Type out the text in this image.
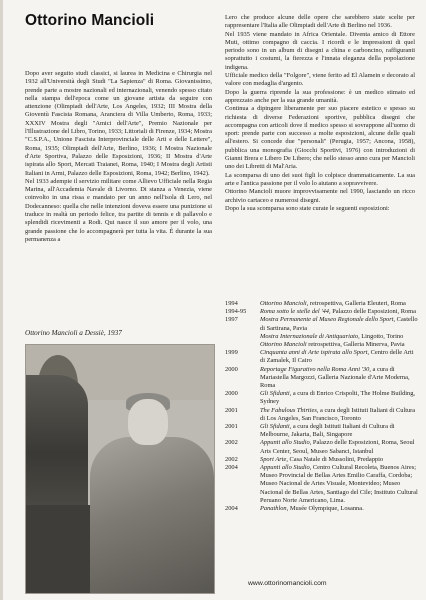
Ottorino Mancioli

Dopo aver seguito studi classici, si laurea in Medicina e Chirurgia nel 1932 all'Università degli Studi "La Sapienza" di Roma. Giovanissimo, prende parte a mostre nazionali ed internazionali, venendo spesso citato nella stampa dell'epoca come un giovane artista da seguire con attenzione (Olimpiadi dell'Arte, Los Angeles, 1932; III Mostra della Gioventù Fascista Romana, Aranciera di Villa Umberto, Roma, 1933; XXXIV Mostra degli "Amici dell'Arte", Premio Nazionale per l'Illustrazione del Libro, Torino, 1933; Littoriali di Firenze, 1934; Mostra "C.S.P.A., Unione Fascista Interprovinciale delle Arti e delle Lettere", Roma, 1935; Olimpiadi dell'Arte, Berlino, 1936; I Mostra Nazionale d'Arte Sportiva, Palazzo delle Esposizioni, 1936; II Mostra d'Arte ispirata allo Sport, Mercati Traianei, Roma, 1940; I Mostra degli Artisti Italiani in Armi, Palazzo delle Esposizioni, Roma, 1942; Berlino, 1942).

Nel 1933 adempie il servizio militare come Allievo Ufficiale nella Regia Marina, all'Accademia Navale di Livorno. Di stanza a Venezia, viene coinvolto in una rissa e mandato per un anno nell'isola di Lero, nel Dodecanneso: quella che nelle intenzioni doveva essere una punizione si traduce in realtà un periodo felice, tra partite di tennis e di pallavolo e splendidi ricevimenti a Rodi. Qui nasce il suo amore per il volo, una grande passione che lo accompagnerà per tutta la vita. È durante la sua permanenza a

Ottorino Mancioli a Dessiè, 1937

Lero che produce alcune delle opere che sarebbero state scelte per rappresentare l'Italia alle Olimpiadi dell'Arte di Berlino nel 1936.

Nel 1935 viene mandato in Africa Orientale. Diventa amico di Ettore Muti, ottimo compagno di caccia. I ricordi e le impressioni di quel periodo sono in un album di disegni a china e carboncino, raffiguranti soprattutto i costumi, la fierezza e l'innata eleganza della popolazione indigena.

Ufficiale medico della "Folgore", viene ferito ad El Alamein e decorato al valore con medaglia d'argento.

Dopo la guerra riprende la sua professione: è un medico stimato ed apprezzato anche per la sua grande umanità.

Continua a dipingere liberamente per suo piacere estetico e spesso su richiesta di diverse Federazioni sportive, pubblica disegni che accompagna con articoli dove il medico spesso si sovrappone all'uomo di sport: prende parte con successo a molte esposizioni, alcune delle quali all'estero. Si concede due "personali" (Perugia, 1957; Ancona, 1958), pubblica una monografia (Giocchi Sportivi, 1976) con introduzioni di Gianni Brera e Libero De Libero; che nello stesso anno cura per Mancioli uno dei Libretti di Mal'Aria.

La scomparsa di uno dei suoi figli lo colpisce drammaticamente. La sua arte e l'antica passione per il volo lo aiutano a sopravvivere.

Ottorino Mancioli muore improvvisamente nel 1990, lasciando un ricco archivio cartaceo e numerosi disegni.

Dopo la sua scomparsa sono state curate le seguenti esposizioni:

1994	Ottorino Mancioli, retrospettiva, Galleria Eleuteri, Roma
1994-95	Roma sotto le stelle del '44, Palazzo delle Esposizioni, Roma
1997	Mostra Permanente al Museo Regionale dello Sport, Castello di Sartirana, Pavia
Mostra Internazionale di Antiquariato, Lingotto, Torino
Ottorino Mancioli retrospettiva, Galleria Minerva, Pavia
1999	Cinquanta anni di Arte ispirata allo Sport, Centro delle Arti di Zamalek, Il Cairo
2000	Reportage Figurativo nella Roma Anni '30, a cura di Mariastella Margozzi, Galleria Nazionale d'Arte Moderna, Roma
2000	Gli Sfidanti, a cura di Enrico Crispolti, The Holme Building, Sydney
2001	The Fabulous Thirties, a cura degli Istituti Italiani di Cultura di Los Angeles, San Francisco, Toronto
2001	Gli Sfidanti, a cura degli Istituti Italiani di Cultura di Melbourne, Jakarta, Bali, Singapore
2002	Appunti allo Studio, Palazzo delle Esposizioni, Roma, Seoul Arts Center, Seoul, Museo Sabanci, Istanbul
2002	Sport Arte, Casa Natale di Mussolini, Predappio
2004	Appunti allo Studio, Centro Cultural Recoleta, Buenos Aires; Museo Provincial de Bellas Artes Emilio Caraffa, Cordoba; Museo Nacional de Artes Visuale, Montevideo; Museo Nacional de Bellas Artes, Santiago del Cile; Instituto Cultural Peruano Norte Americano, Lima.
2004	Panathlon, Musée Olympique, Losanna.
www.ottorinomancioli.com
